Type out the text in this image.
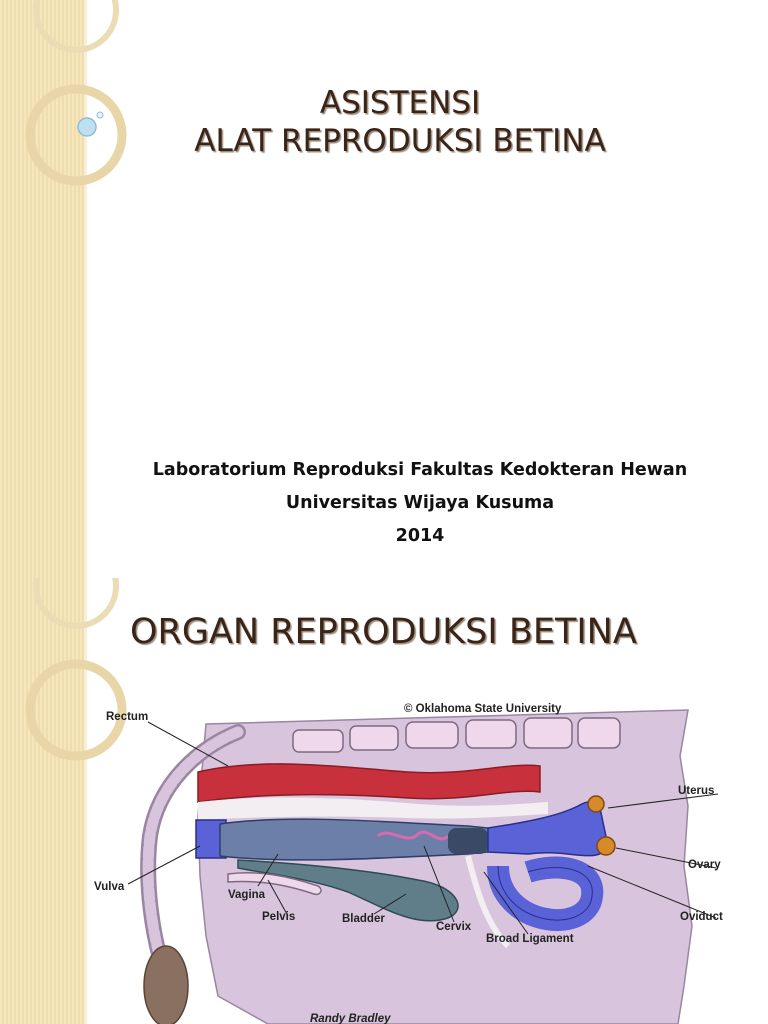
ASISTENSI
ALAT REPRODUKSI BETINA

Laboratorium Reproduksi Fakultas Kedokteran Hewan

Universitas Wijaya Kusuma

2014

ORGAN REPRODUKSI BETINA
© Oklahoma State University
Rectum
Uterus
Ovary
Oviduct
Vulva
Vagina
Pelvis	Bladder
Cervix
Broad Ligament
Randy Bradley
